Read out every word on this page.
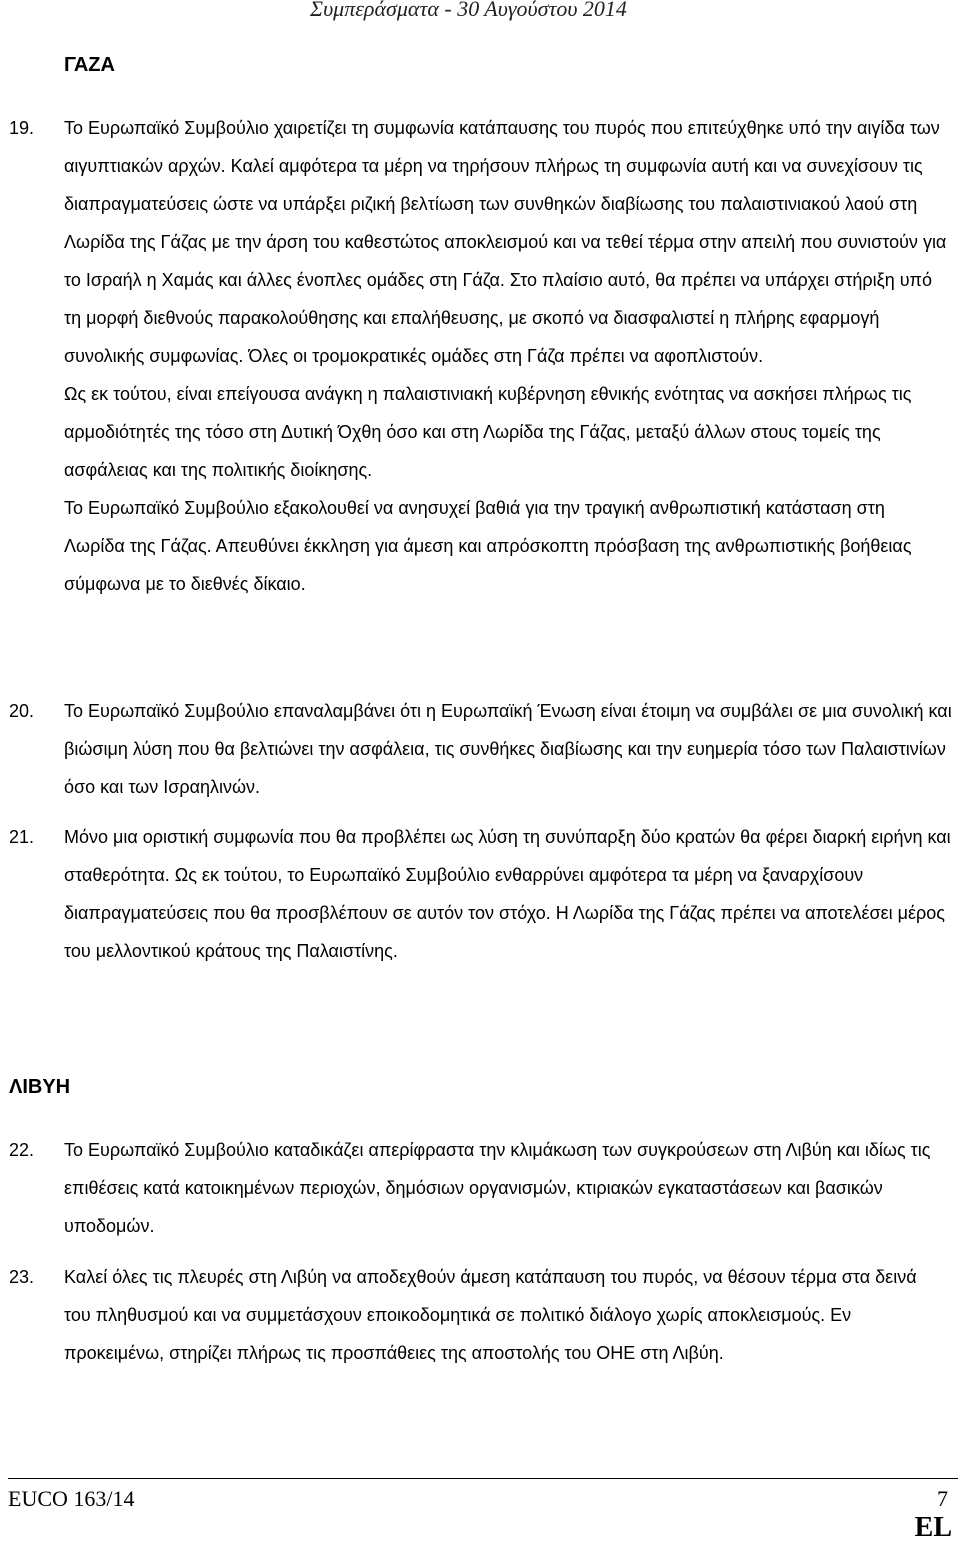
Συμπεράσματα - 30 Αυγούστου 2014
ΓΑΖΑ
19. Το Ευρωπαϊκό Συμβούλιο χαιρετίζει τη συμφωνία κατάπαυσης του πυρός που επιτεύχθηκε υπό την αιγίδα των αιγυπτιακών αρχών. Καλεί αμφότερα τα μέρη να τηρήσουν πλήρως τη συμφωνία αυτή και να συνεχίσουν τις διαπραγματεύσεις ώστε να υπάρξει ριζική βελτίωση των συνθηκών διαβίωσης του παλαιστινιακού λαού στη Λωρίδα της Γάζας με την άρση του καθεστώτος αποκλεισμού και να τεθεί τέρμα στην απειλή που συνιστούν για το Ισραήλ η Χαμάς και άλλες ένοπλες ομάδες στη Γάζα. Στο πλαίσιο αυτό, θα πρέπει να υπάρχει στήριξη υπό τη μορφή διεθνούς παρακολούθησης και επαλήθευσης, με σκοπό να διασφαλιστεί η πλήρης εφαρμογή συνολικής συμφωνίας. Όλες οι τρομοκρατικές ομάδες στη Γάζα πρέπει να αφοπλιστούν.

Ως εκ τούτου, είναι επείγουσα ανάγκη η παλαιστινιακή κυβέρνηση εθνικής ενότητας να ασκήσει πλήρως τις αρμοδιότητές της τόσο στη Δυτική Όχθη όσο και στη Λωρίδα της Γάζας, μεταξύ άλλων στους τομείς της ασφάλειας και της πολιτικής διοίκησης.

Το Ευρωπαϊκό Συμβούλιο εξακολουθεί να ανησυχεί βαθιά για την τραγική ανθρωπιστική κατάσταση στη Λωρίδα της Γάζας. Απευθύνει έκκληση για άμεση και απρόσκοπτη πρόσβαση της ανθρωπιστικής βοήθειας σύμφωνα με το διεθνές δίκαιο.

20. Το Ευρωπαϊκό Συμβούλιο επαναλαμβάνει ότι η Ευρωπαϊκή Ένωση είναι έτοιμη να συμβάλει σε μια συνολική και βιώσιμη λύση που θα βελτιώνει την ασφάλεια, τις συνθήκες διαβίωσης και την ευημερία τόσο των Παλαιστινίων όσο και των Ισραηλινών.

21. Μόνο μια οριστική συμφωνία που θα προβλέπει ως λύση τη συνύπαρξη δύο κρατών θα φέρει διαρκή ειρήνη και σταθερότητα. Ως εκ τούτου, το Ευρωπαϊκό Συμβούλιο ενθαρρύνει αμφότερα τα μέρη να ξαναρχίσουν διαπραγματεύσεις που θα προσβλέπουν σε αυτόν τον στόχο. Η Λωρίδα της Γάζας πρέπει να αποτελέσει μέρος του μελλοντικού κράτους της Παλαιστίνης.

ΛΙΒΥΗ
22. Το Ευρωπαϊκό Συμβούλιο καταδικάζει απερίφραστα την κλιμάκωση των συγκρούσεων στη Λιβύη και ιδίως τις επιθέσεις κατά κατοικημένων περιοχών, δημόσιων οργανισμών, κτιριακών εγκαταστάσεων και βασικών υποδομών.

23. Καλεί όλες τις πλευρές στη Λιβύη να αποδεχθούν άμεση κατάπαυση του πυρός, να θέσουν τέρμα στα δεινά του πληθυσμού και να συμμετάσχουν εποικοδομητικά σε πολιτικό διάλογο χωρίς αποκλεισμούς. Εν προκειμένω, στηρίζει πλήρως τις προσπάθειες της αποστολής του ΟΗΕ στη Λιβύη.

EUCO 163/14	7
EL
